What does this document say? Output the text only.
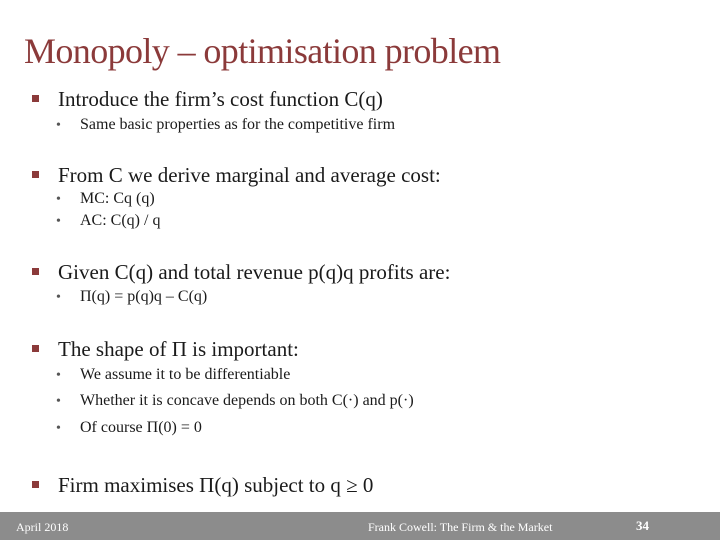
Monopoly – optimisation problem
Introduce the firm’s cost function C(q)
• Same basic properties as for the competitive firm
From C we derive marginal and average cost:
• MC: Cq (q)
• AC: C(q) / q
Given C(q) and total revenue p(q)q profits are:
• Π(q) = p(q)q – C(q)
The shape of Π is important:
• We assume it to be differentiable
• Whether it is concave depends on both C(·) and p(·)
• Of course Π(0) = 0
Firm maximises Π(q) subject to q ≥ 0
April 2018	Frank Cowell: The Firm & the Market	34
